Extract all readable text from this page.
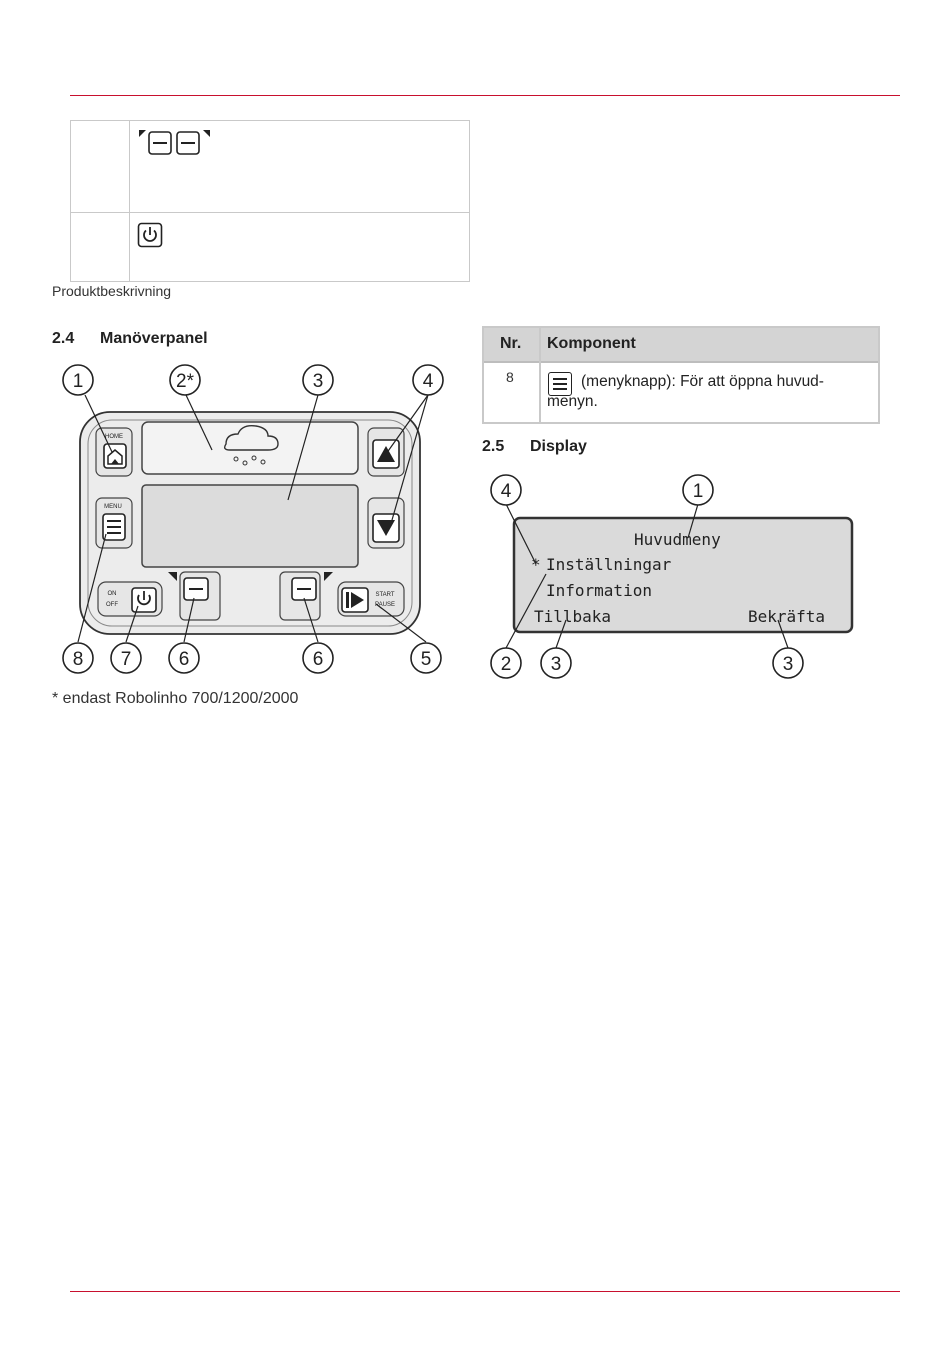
Produktbeskrivning
2.4 Manöverpanel	Nr. Komponent
8	(menyknapp): För att öppna huvud-menyn.
2.5 Display
HOME
MENU
ON
OFF
START
PAUSE
1	2*	3	4
8 7 6	6	5
* endast Robolinho 700/1200/2000
4	1
2 3	3
Huvudmeny
* Inställningar
Information
Tillbaka	Bekräfta
